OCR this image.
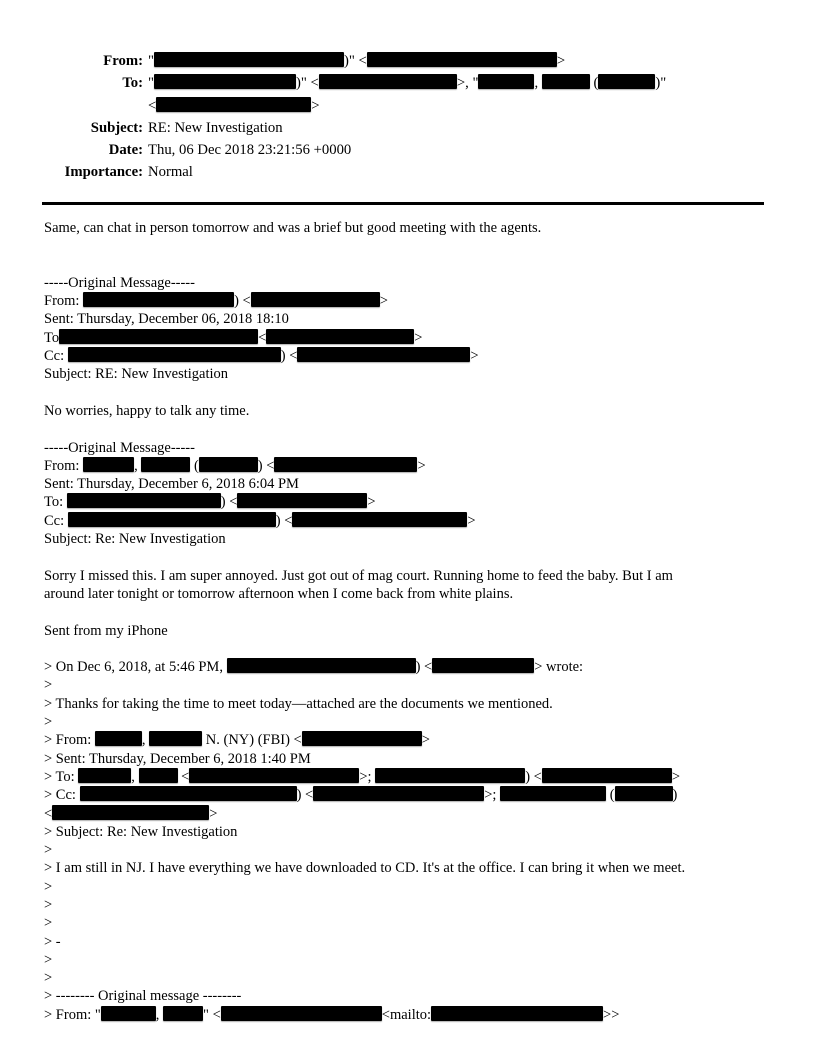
From: "	)" <	>
To: "	)" <	>, "	,	(	)"
<	>
Subject: RE: New Investigation
Date: Thu, 06 Dec 2018 23:21:56 +0000
Importance: Normal
Same, can chat in person tomorrow and was a brief but good meeting with the agents.

-----Original Message-----
From:	) <	>
Sent: Thursday, December 06, 2018 18:10
To	<	>
Cc:	) <	>
Subject: RE: New Investigation

No worries, happy to talk any time.

-----Original Message-----
From:	,	(	) <	>
Sent: Thursday, December 6, 2018 6:04 PM
To:	) <	>
Cc:	) <	>
Subject: Re: New Investigation

Sorry I missed this. I am super annoyed. Just got out of mag court. Running home to feed the baby. But I am
around later tonight or tomorrow afternoon when I come back from white plains.

Sent from my iPhone

> On Dec 6, 2018, at 5:46 PM,	) <	> wrote:
>
> Thanks for taking the time to meet today—attached are the documents we mentioned.
>
> From:	,	N. (NY) (FBI) <	>
> Sent: Thursday, December 6, 2018 1:40 PM
> To:	,	<	>;	) <	>
> Cc:	) <	>;	(	)
<	>
> Subject: Re: New Investigation
>
> I am still in NJ. I have everything we have downloaded to CD. It's at the office. I can bring it when we meet.
>
>
>
> -
>
>
> -------- Original message --------
> From: "	,	" <	<mailto:	>>
